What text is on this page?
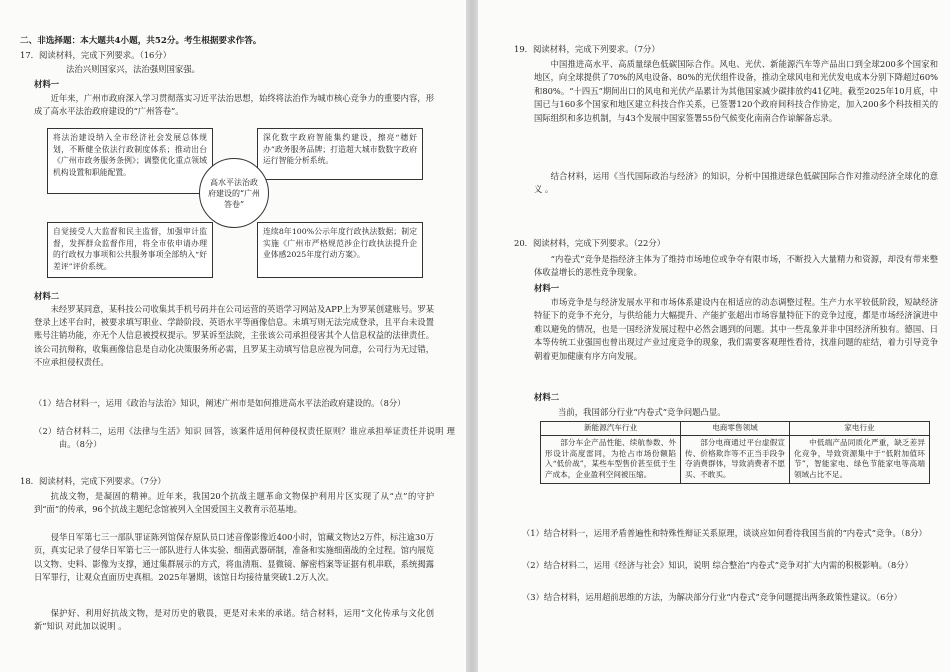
二、非选择题：本大题共4小题，共52分。考生根据要求作答。
17．阅读材料，完成下列要求。（16分）
法治兴则国家兴，法治强则国家强。
材料一
近年来，广州市政府深入学习贯彻落实习近平法治思想，始终将法治作为城市核心竞争力的重要内容，形成了高水平法治政府建设的“广州答卷”。
将法治建设纳入全市经济社会发展总体规划，不断健全依法行政制度体系；推动出台《广州市政务服务条例》；调整优化重点领域机构设置和职能配置。
深化数字政府智能集约建设，擦亮“穗好办”政务服务品牌；打造超大城市数数字政府运行智能分析系统。
高水平法治政府建设的“广州答卷”
自觉接受人大监督和民主监督，加强审计监督，发挥群众监督作用，将全市依申请办理的行政权力事项和公共服务事项全部纳入“好差评”评价系统。
连续8年100%公示年度行政执法数据；制定实施《广州市严格规范涉企行政执法提升企业体感2025年度行动方案》。
材料二
未经罗某同意，某科技公司收集其手机号码并在公司运营的英语学习网站及APP上为罗某创建账号。罗某登录上述平台时，被要求填写职业、学龄阶段、英语水平等画像信息。未填写则无法完成登录，且平台未设置账号注销功能，亦无个人信息被授权提示。罗某诉至法院，主张该公司承担侵害其个人信息权益的法律责任。该公司抗辩称，收集画像信息是自动化决策服务所必需，且罗某主动填写信息应视为同意，公司行为无过错，不应承担侵权责任。
（1）结合材料一，运用《政治与法治》知识，阐述广州市是如何推进高水平法治政府建设的。（8分）
（2）结合材料二，运用《法律与生活》知识 回答，该案件适用何种侵权责任原则？谁应承担举证责任并说明 理由。（8分）
18．阅读材料，完成下列要求。（7分）
抗战文物，是凝固的精神。近年来，我国20个抗战主题革命文物保护利用片区实现了从“点”的守护到“面”的传承，96个抗战主题纪念馆被列入全国爱国主义教育示范基地。
侵华日军第七三一部队罪证陈列馆保存原队员口述音像影像近400小时，馆藏文物达2万件，标注逾30万页，真实记录了侵华日军第七三一部队进行人体实验、细菌武器研制，准备和实施细菌战的全过程。馆内展览以文物、史料、影像为支撑，通过集群展示的方式，将血清瓶、显微镜、解密档案等证据有机串联，系统揭露日军罪行，让观众直面历史真相。2025年暑期，该馆日均接待量突破1.2万人次。
保护好、利用好抗战文物，是对历史的敬畏，更是对未来的承诺。结合材料，运用“文化传承与文化创新”知识 对此加以说明 。
19．阅读材料，完成下列要求。（7分）
中国推进高水平、高质量绿色低碳国际合作。风电、光伏、新能源汽车等产品出口到全球200多个国家和地区，向全球提供了70%的风电设备、80%的光伏组件设备，推动全球风电和光伏发电成本分别下降超过60%和80%。“十四五”期间出口的风电和光伏产品累计为其他国家减少碳排放约41亿吨。截至2025年10月底，中国已与160多个国家和地区建立科技合作关系，已签署120个政府间科技合作协定，加入200多个科技相关的国际组织和多边机制，与43个发展中国家签署55份气候变化南南合作谅解备忘录。
结合材料，运用《当代国际政治与经济》的知识，分析中国推进绿色低碳国际合作对推动经济全球化的意义 。
20．阅读材料，完成下列要求。（22分）
“内卷式”竞争是指经济主体为了维持市场地位或争夺有限市场，不断投入大量精力和资源，却没有带来整体收益增长的恶性竞争现象。
材料一
市场竞争是与经济发展水平和市场体系建设内在相适应的动态调整过程。生产力水平较低阶段，短缺经济特征下的竞争不充分，与供给能力大幅提升、产能扩张超出市场容量特征下的竞争过度，都是市场经济演进中难以避免的情况，也是一国经济发展过程中必然会遇到的问题。其中一些乱象并非中国经济所独有。德国、日本等传统工业强国也曾出现过产业过度竞争的现象，我们需要客观理性看待，找准问题的症结，着力引导竞争朝着更加健康有序方向发展。
材料二
当前，我国部分行业“内卷式”竞争问题凸显。
新能源汽车行业	电商零售领域	家电行业
部分车企产品性能、续航参数、外形设计高度雷同，为抢占市场份额陷入“低价战”，某些车型售价甚至低于生产成本，企业盈利空间被压缩。	部分电商通过平台虚假宣传、价格欺诈等不正当手段争夺消费群体，导致消费者不愿买、不敢买。	中低端产品同质化严重，缺乏差异化竞争，导致资源集中于“低附加值环节”，智能家电、绿色节能家电等高端领域占比不足。
（1）结合材料一，运用矛盾普遍性和特殊性辩证关系原理，谈谈应如何看待我国当前的“内卷式”竞争。（8分）
（2）结合材料二，运用《经济与社会》知识，说明 综合整治“内卷式”竞争对扩大内需的积极影响。（8分）
（3）结合材料，运用超前思维的方法，为解决部分行业“内卷式”竞争问题提出两条政策性建议。（6分）
